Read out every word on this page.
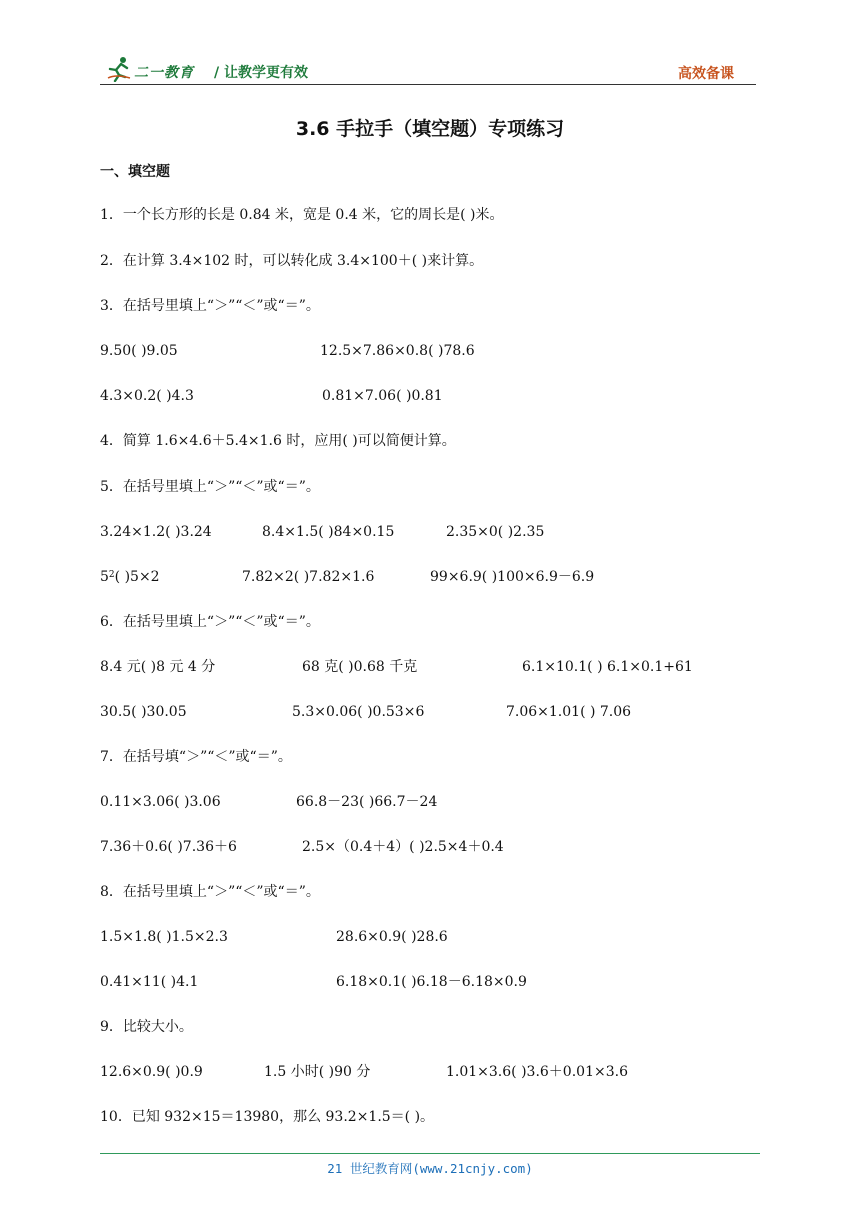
二一教育 / 让教学更有效	高效备课
3.6 手拉手（填空题）专项练习
一、填空题
1．一个长方形的长是 0.84 米，宽是 0.4 米，它的周长是( )米。
2．在计算 3.4×102 时，可以转化成 3.4×100＋( )来计算。
3．在括号里填上“＞”“＜”或“＝”。
9.50( )9.05	12.5×7.86×0.8( )78.6
4.3×0.2( )4.3	0.81×7.06( )0.81
4．简算 1.6×4.6＋5.4×1.6 时，应用( )可以简便计算。
5．在括号里填上“＞”“＜”或“＝”。
3.24×1.2( )3.24	8.4×1.5( )84×0.15	2.35×0( )2.35
$5^2$( )5×2	7.82×2( )7.82×1.6	99×6.9( )100×6.9－6.9
6．在括号里填上“＞”“＜”或“＝”。
8.4 元( )8 元 4 分	68 克( )0.68 千克	6.1×10.1( ) 6.1×0.1+61
30.5( )30.05	5.3×0.06( )0.53×6	7.06×1.01( ) 7.06
7．在括号填“＞”“＜”或“＝”。
0.11×3.06( )3.06	66.8－23( )66.7－24
7.36＋0.6( )7.36＋6	2.5×（0.4＋4）( )2.5×4＋0.4
8．在括号里填上“＞”“＜”或“＝”。
1.5×1.8( )1.5×2.3	28.6×0.9( )28.6
0.41×11( )4.1	6.18×0.1( )6.18－6.18×0.9
9．比较大小。
12.6×0.9( )0.9	1.5 小时( )90 分	1.01×3.6( )3.6＋0.01×3.6
10．已知 932×15＝13980，那么 93.2×1.5＝( )。
21 世纪教育网(www.21cnjy.com)
